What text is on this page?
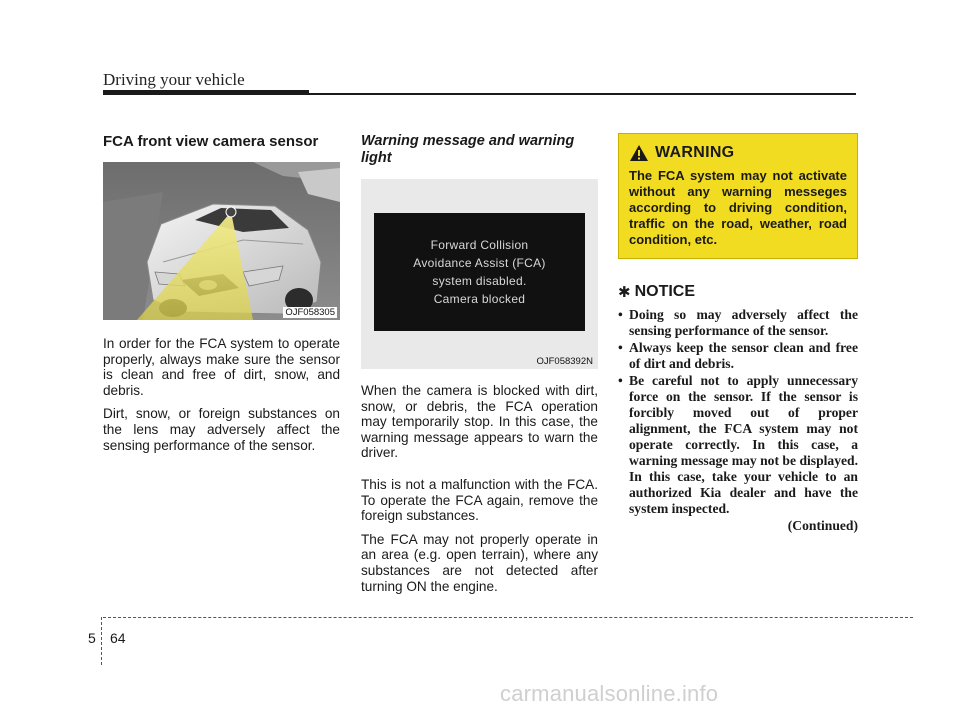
Driving your vehicle
FCA front view camera sensor
OJF058305

In order for the FCA system to operate properly, always make sure the sensor is clean and free of dirt, snow, and debris.

Dirt, snow, or foreign substances on the lens may adversely affect the sensing performance of the sensor.

Warning message and warning light
Forward Collision
Avoidance Assist (FCA)
system disabled.
Camera blocked
OJF058392N

When the camera is blocked with dirt, snow, or debris, the FCA operation may temporarily stop. In this case, the warning message appears to warn the driver.

This is not a malfunction with the FCA. To operate the FCA again, remove the foreign substances.

The FCA may not properly operate in an area (e.g. open terrain), where any substances are not detected after turning ON the engine.

WARNING

The FCA system may not activate without any warning messeges according to driving condition, traffic on the road, weather, road condition, etc.

✱ NOTICE
• Doing so may adversely affect the sensing performance of the sensor.
• Always keep the sensor clean and free of dirt and debris.
• Be careful not to apply unnecessary force on the sensor. If the sensor is forcibly moved out of proper alignment, the FCA system may not operate correctly. In this case, a warning message may not be displayed. In this case, take your vehicle to an authorized Kia dealer and have the system inspected.
(Continued)
5 64
carmanualsonline.info
